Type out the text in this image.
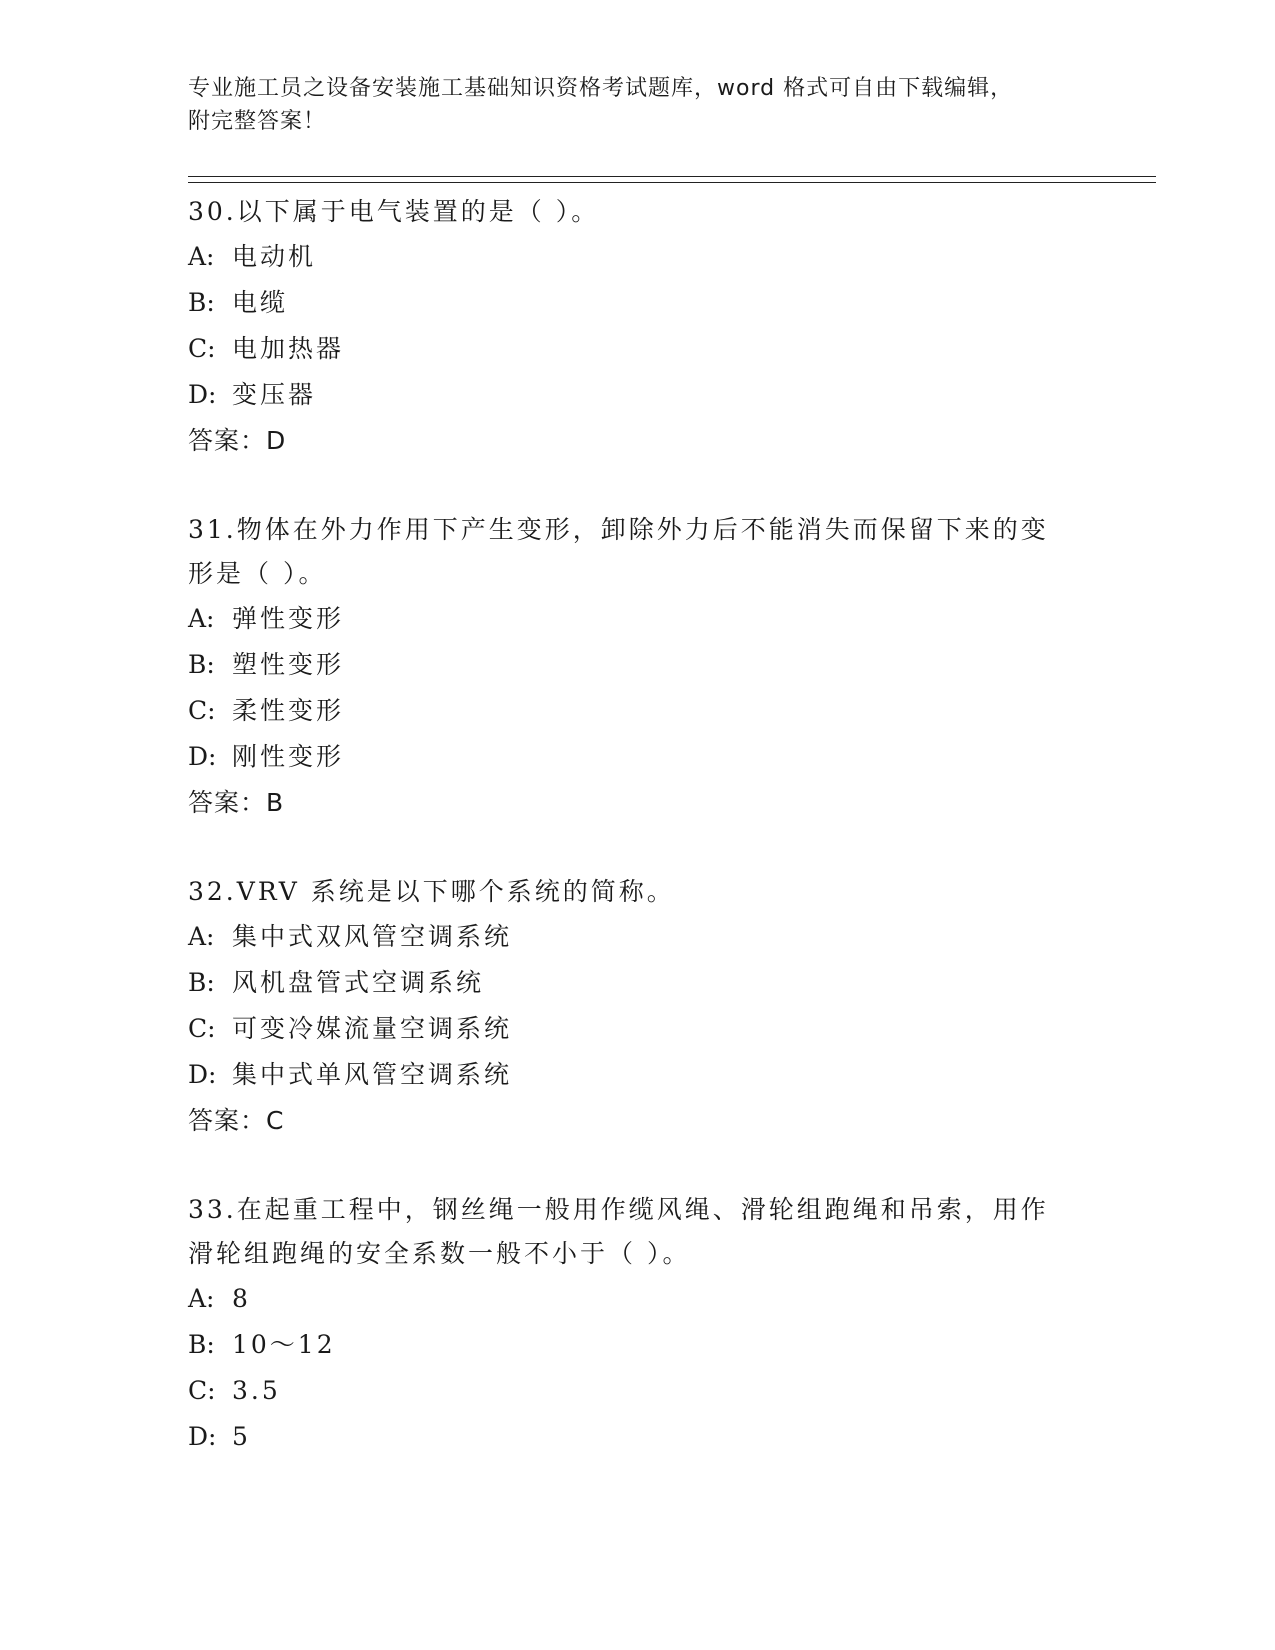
专业施工员之设备安装施工基础知识资格考试题库，word 格式可自由下载编辑，
附完整答案！

30.以下属于电气装置的是（ ）。

A: 电动机

B: 电缆

C: 电加热器

D: 变压器

答案：D

31.物体在外力作用下产生变形，卸除外力后不能消失而保留下来的变

形是（ ）。

A: 弹性变形

B: 塑性变形

C: 柔性变形

D: 刚性变形

答案：B

32.VRV 系统是以下哪个系统的简称。

A: 集中式双风管空调系统

B: 风机盘管式空调系统

C: 可变冷媒流量空调系统

D: 集中式单风管空调系统

答案：C

33.在起重工程中，钢丝绳一般用作缆风绳、滑轮组跑绳和吊索，用作

滑轮组跑绳的安全系数一般不小于（ ）。

A: 8

B: 10～12

C: 3.5

D: 5
